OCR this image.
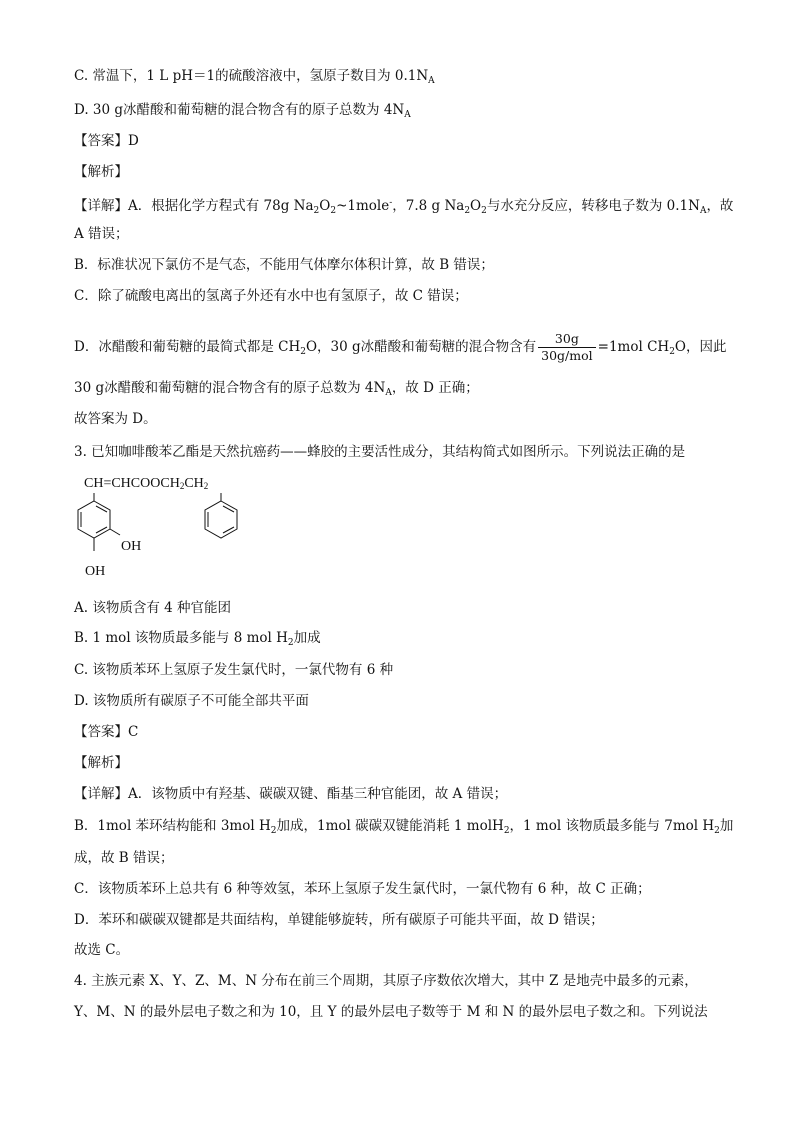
C. 常温下，1 L pH＝1的硫酸溶液中，氢原子数目为 $0.1N_A$
D. 30 g冰醋酸和葡萄糖的混合物含有的原子总数为 $4N_A$
【答案】D
【解析】
【详解】A．根据化学方程式有 78g $Na_2O_2\sim 1mole^-$，7.8 g $Na_2O_2$与水充分反应，转移电子数为 $0.1N_A$，故
A 错误；
B．标准状况下氯仿不是气态，不能用气体摩尔体积计算，故 B 错误；
C．除了硫酸电离出的氢离子外还有水中也有氢原子，故 C 错误；
D．冰醋酸和葡萄糖的最简式都是 $CH_2O$，30 g冰醋酸和葡萄糖的混合物含有 $\frac{30g}{\text{30g/mol}} =1mol$ $CH_2O$，因此
30 g冰醋酸和葡萄糖的混合物含有的原子总数为 $4N_A$，故 D 正确；
故答案为 D。
3. 已知咖啡酸苯乙酯是天然抗癌药——蜂胶的主要活性成分，其结构简式如图所示。下列说法正确的是
$CH=CHCOOCH_2CH_2$
OH
OH
A. 该物质含有 4 种官能团
B. 1 mol 该物质最多能与 8 mol $H_2$加成
C. 该物质苯环上氢原子发生氯代时，一氯代物有 6 种
D. 该物质所有碳原子不可能全部共平面
【答案】C
【解析】
【详解】A．该物质中有羟基、碳碳双键、酯基三种官能团，故 A 错误；
B．1mol 苯环结构能和 3mol $H_2$加成，1mol 碳碳双键能消耗 1 molH$_2$，1 mol 该物质最多能与 7mol $H_2$加
成，故 B 错误；
C．该物质苯环上总共有 6 种等效氢，苯环上氢原子发生氯代时，一氯代物有 6 种，故 C 正确；
D．苯环和碳碳双键都是共面结构，单键能够旋转，所有碳原子可能共平面，故 D 错误；
故选 C。
4. 主族元素 X、Y、Z、M、N 分布在前三个周期，其原子序数依次增大，其中 Z 是地壳中最多的元素，
Y、M、N 的最外层电子数之和为 10，且 Y 的最外层电子数等于 M 和 N 的最外层电子数之和。下列说法
